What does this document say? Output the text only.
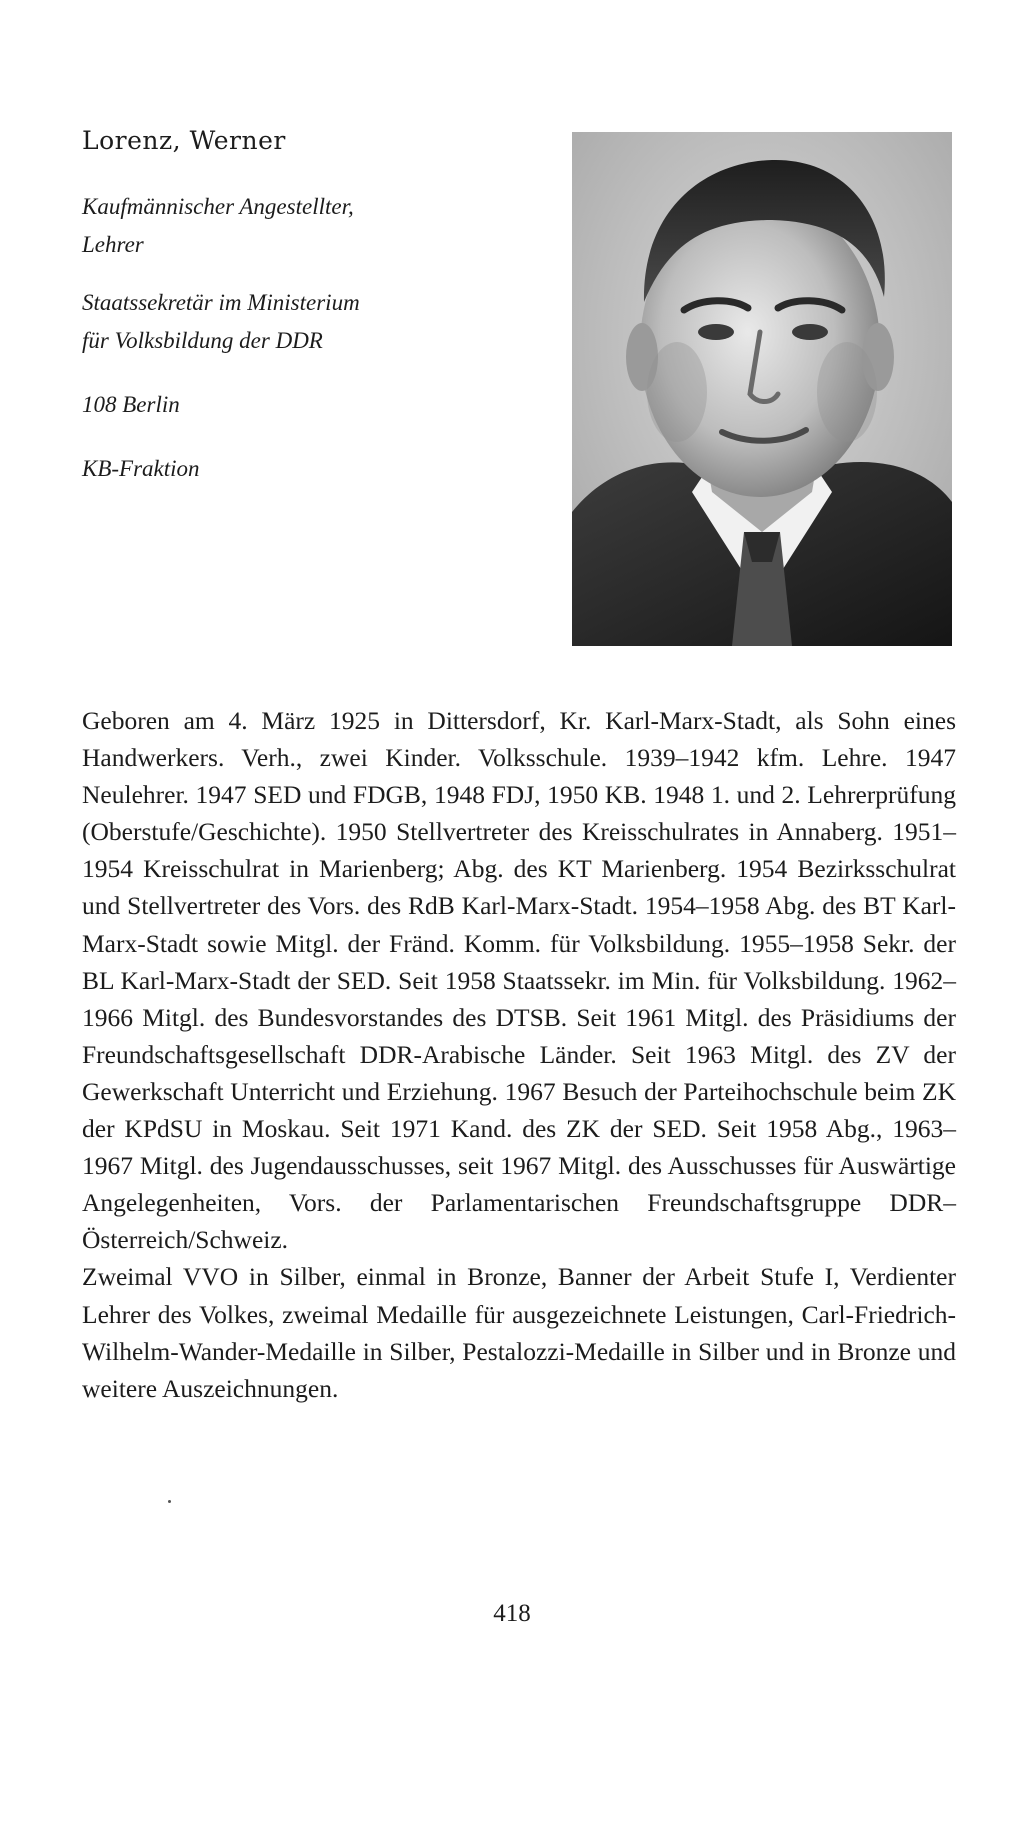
Lorenz, Werner
Kaufmännischer Angestellter,
Lehrer
Staatssekretär im Ministerium
für Volksbildung der DDR
108 Berlin
KB-Fraktion

Geboren am 4. März 1925 in Dittersdorf, Kr. Karl-Marx-Stadt, als Sohn eines Handwerkers. Verh., zwei Kinder. Volksschule. 1939–1942 kfm. Lehre. 1947 Neulehrer. 1947 SED und FDGB, 1948 FDJ, 1950 KB. 1948 1. und 2. Lehrerprüfung (Oberstufe/Geschichte). 1950 Stellvertreter des Kreisschulrates in Annaberg. 1951–1954 Kreisschulrat in Marienberg; Abg. des KT Marienberg. 1954 Bezirksschulrat und Stellvertreter des Vors. des RdB Karl-Marx-Stadt. 1954–1958 Abg. des BT Karl-Marx-Stadt sowie Mitgl. der Fränd. Komm. für Volksbildung. 1955–1958 Sekr. der BL Karl-Marx-Stadt der SED. Seit 1958 Staatssekr. im Min. für Volksbildung. 1962–1966 Mitgl. des Bundesvorstandes des DTSB. Seit 1961 Mitgl. des Präsidiums der Freundschaftsgesellschaft DDR-Arabische Länder. Seit 1963 Mitgl. des ZV der Gewerkschaft Unterricht und Erziehung. 1967 Besuch der Parteihochschule beim ZK der KPdSU in Moskau. Seit 1971 Kand. des ZK der SED. Seit 1958 Abg., 1963–1967 Mitgl. des Jugendausschusses, seit 1967 Mitgl. des Ausschusses für Auswärtige Angelegenheiten, Vors. der Parlamentarischen Freundschaftsgruppe DDR–Österreich/Schweiz.

Zweimal VVO in Silber, einmal in Bronze, Banner der Arbeit Stufe I, Verdienter Lehrer des Volkes, zweimal Medaille für ausgezeichnete Leistungen, Carl-Friedrich-Wilhelm-Wander-Medaille in Silber, Pestalozzi-Medaille in Silber und in Bronze und weitere Auszeichnungen.

418
